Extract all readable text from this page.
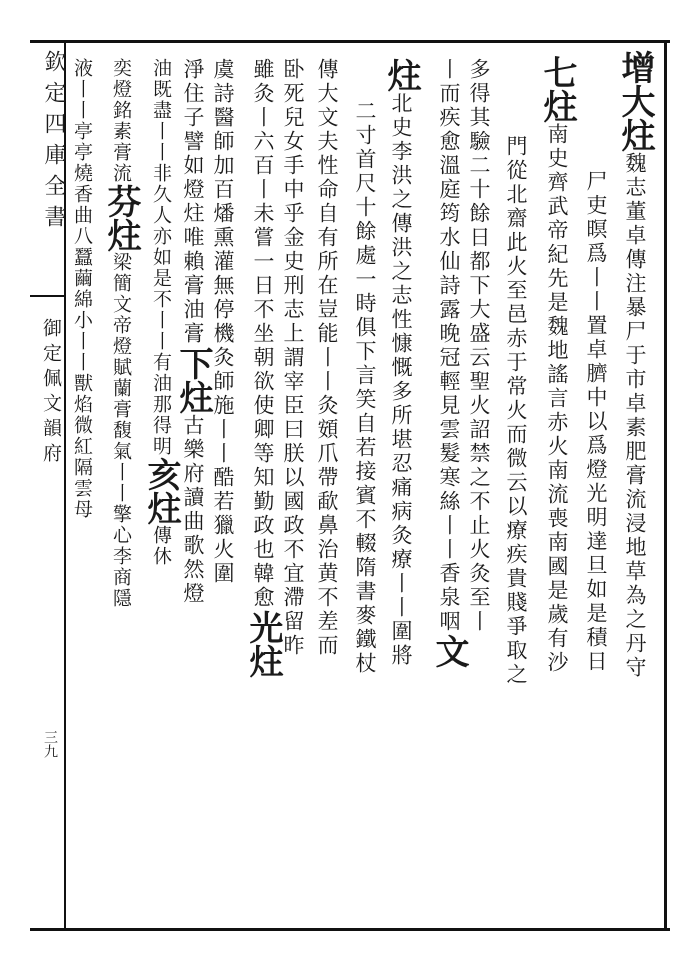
欽定四庫全書
御定佩文韻府
三九
增大炷魏志董卓傳注暴尸于市卓素肥膏流浸地草為之丹守
尸吏暝爲丨丨置卓臍中以爲燈光明達旦如是積日
七炷南史齊武帝紀先是魏地謠言赤火南流喪南國是歲有沙
門從北齋此火至邑赤于常火而微云以療疾貴賤爭取之
多得其驗二十餘日都下大盛云聖火詔禁之不止火灸至丨
丨而疾愈溫庭筠水仙詩露晚冠輕見雲髮寒絲丨丨香泉咽文
炷北史李洪之傳洪之志性慷慨多所堪忍痛病灸療丨丨圍將
二寸首尺十餘處一時俱下言笑自若接賓不輟隋書麥鐵杖
傳大文夫性命自有所在豈能丨丨灸頞爪帶歃鼻治黄不差而
卧死兒女手中乎金史刑志上謂宰臣曰朕以國政不宜滯留昨
雖灸丨六百丨未嘗一日不坐朝欲使卿等知勤政也韓愈光炷
虞詩醫師加百燔熏灌無停機灸師施丨丨酷若獵火圍
淨住子譬如燈炷唯賴膏油膏下炷古樂府讀曲歌然燈
油既盡丨丨非久人亦如是不丨丨有油那得明亥炷傳休
奕燈銘素膏流芬炷梁簡文帝燈賦蘭膏馥氣丨丨擎心李商隱
液丨丨亭亭燒香曲八蠶繭綿小丨丨獸焰微紅隔雲母
